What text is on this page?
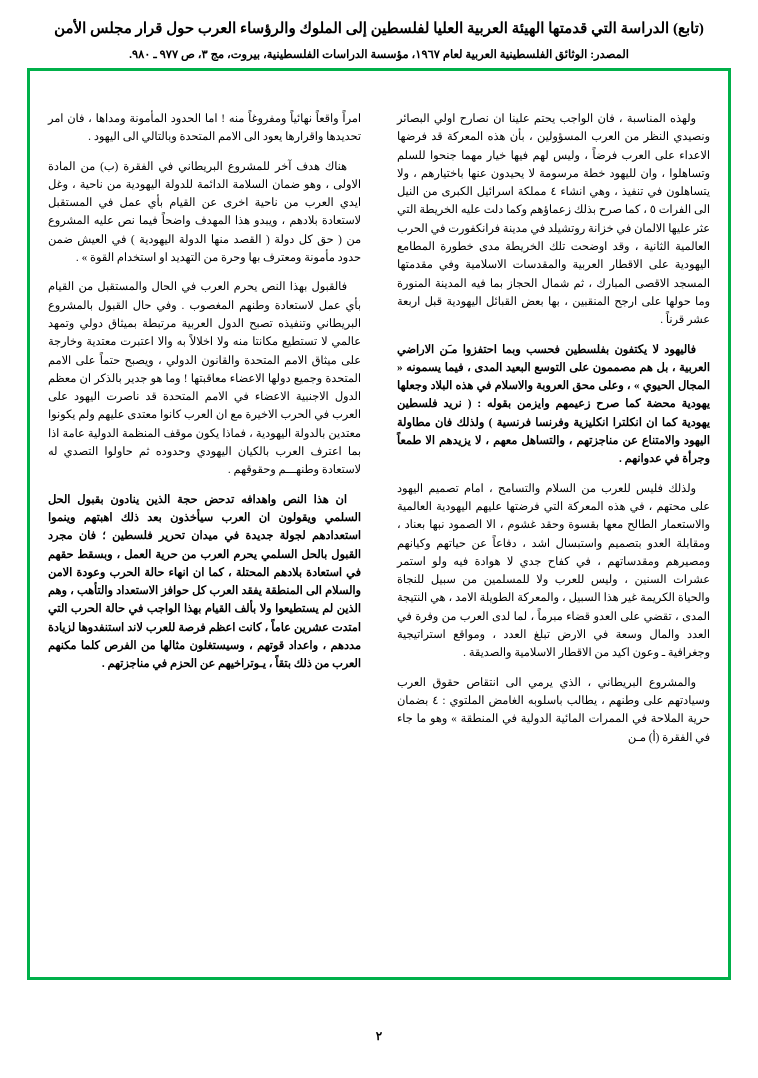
(تابع) الدراسة التي قدمتها الهيئة العربية العليا لفلسطين إلى الملوك والرؤساء العرب حول قرار مجلس الأمن
المصدر: الوثائق الفلسطينية العربية لعام ١٩٦٧، مؤسسة الدراسات الفلسطينية، بيروت، مج ٣، ص ٩٧٧ ـ ٩٨٠.

ولهذه المناسبة ، فان الواجب يحتم علينا ان نصارح اولي البصائر ونصيدي النظر من العرب المسؤولين ، بأن هذه المعركة قد فرضها الاعداء على العرب فرضاً ، وليس لهم فيها خيار مهما جنحوا للسلم وتساهلوا ، وان لليهود خطة مرسومة لا يحيدون عنها باختيارهم ، ولا يتساهلون في تنفيذ ، وهي انشاء ٤ مملكة اسرائيل الكبرى من النيل الى الفرات ٥ ، كما صرح بذلك زعماؤهم وكما دلت عليه الخريطة التي عثر عليها الالمان في خزانة روتشيلد في مدينة فرانكفورت في الحرب العالمية الثانية ، وقد اوضحت تلك الخريطة مدى خطورة المطامع اليهودية على الاقطار العربية والمقدسات الاسلامية وفي مقدمتها المسجد الاقصى المبارك ، ثم شمال الحجاز بما فيه المدينة المنورة وما حولها على ارجح المنقبين ، بها بعض القبائل اليهودية قبل اربعة عشر قرناً .

فاليهود لا يكتفون بفلسطين فحسب وبما احتفزوا مـَن الاراضي العربية ، بل هم مصممون على التوسع البعيد المدى ، فيما يسمونه « المجال الحيوي » ، وعلى محق العروبة والاسلام في هذه البلاد وجعلها يهودية محضة كما صرح زعيمهم وايزمن بقوله : ( نريد فلسطين يهودية كما ان انكلترا انكليزية وفرنسا فرنسية ) ولذلك فان مطاولة اليهود والامتناع عن مناجزتهم ، والتساهل معهم ، لا يزيدهم الا طمعاً وجرأة في عدوانهم .

ولذلك فليس للعرب من السلام والتسامح ، امام تصميم اليهود على محتهم ، في هذه المعركة التي فرضتها عليهم اليهودية العالمية والاستعمار الطالح معها بقسوة وحقد غشوم ، الا الصمود نبها بعناد ، ومقابلة العدو بتصميم واستبسال اشد ، دفاعاً عن حياتهم وكيانهم ومصيرهم ومقدساتهم ، في كفاح جدي لا هوادة فيه ولو استمر عشرات السنين ، وليس للعرب ولا للمسلمين من سبيل للنجاة والحياة الكريمة غير هذا السبيل ، والمعركة الطويلة الامد ، هي النتيجة المدى ، تقضي على العدو قضاء مبرماً ، لما لدى العرب من وفرة في العدد والمال وسعة في الارض تبلغ العدد ، ومواقع استراتيجية وجغرافية ـ وعون اكيد من الاقطار الاسلامية والصديقة .

والمشروع البريطاني ، الذي يرمي الى انتقاص حقوق العرب وسيادتهم على وطنهم ، يطالب باسلوبه الغامض الملتوي : ٤ بضمان حرية الملاحة في الممرات المائية الدولية في المنطقة » وهو ما جاء في الفقرة (أ) مـن

امراً واقعاً نهائياً ومفروغاً منه ! اما الحدود المأمونة ومداها ، فان امر تحديدها واقرارها يعود الى الامم المتحدة وبالتالي الى اليهود .

هناك هدف آخر للمشروع البريطاني في الفقرة (ب) من المادة الاولى ، وهو ضمان السلامة الدائمة للدولة اليهودية من ناحية ، وغل ايدي العرب من ناحية اخرى عن القيام بأي عمل في المستقبل لاستعادة بلادهم ، ويبدو هذا المهدف واضحاً فيما نص عليه المشروع من ( حق كل دولة ( القصد منها الدولة اليهودية ) في العيش ضمن حدود مأمونة ومعترف بها وحرة من التهديد او استخدام القوة » .

فالقبول بهذا النص يحرم العرب في الحال والمستقبل من القيام بأي عمل لاستعادة وطنهم المغصوب . وفي حال القبول بالمشروع البريطاني وتنفيذه تصبح الدول العربية مرتبطة بميثاق دولي وتمهد عالمي لا تستطيع مكانتا منه ولا اخلالاً به والا اعتبرت معتدية وخارجة على ميثاق الامم المتحدة والقانون الدولي ، ويصبح حتماً على الامم المتحدة وجميع دولها الاعضاء معاقبتها ! وما هو جدير بالذكر ان معظم الدول الاجنبية الاعضاء في الامم المتحدة قد ناصرت اليهود على العرب في الحرب الاخيرة مع ان العرب كانوا معتدى عليهم ولم يكونوا معتدين بالدولة اليهودية ، فماذا يكون موقف المنظمة الدولية عامة اذا بما اعترف العرب بالكيان اليهودي وحدوده ثم حاولوا التصدي له لاستعادة وطنهـــم وحقوقهم .

ان هذا النص واهدافه تدحض حجة الذين ينادون بقبول الحل السلمي ويقولون ان العرب سيأخذون بعد ذلك اهبتهم وينموا استعدادهم لجولة جديدة في ميدان تحرير فلسطين ؛ فان مجرد القبول بالحل السلمي يحرم العرب من حرية العمل ، وبسقط حقهم في استعادة بلادهم المحتلة ، كما ان انهاء حالة الحرب وعودة الامن والسلام الى المنطقة يفقد العرب كل حوافز الاستعداد والتأهب ، وهم الذين لم يستطيعوا ولا بألف القيام بهذا الواجب في حالة الحرب التي امتدت عشرين عاماً ، كانت اعظم فرصة للعرب لاند استنفدوها لزيادة مددهم ، واعداد قوتهم ، وسيستغلون مثالها من الفرص كلما مكنهم العرب من ذلك بتقاً ، يـوتراخيهم عن الحزم في مناجزتهم .

٢
